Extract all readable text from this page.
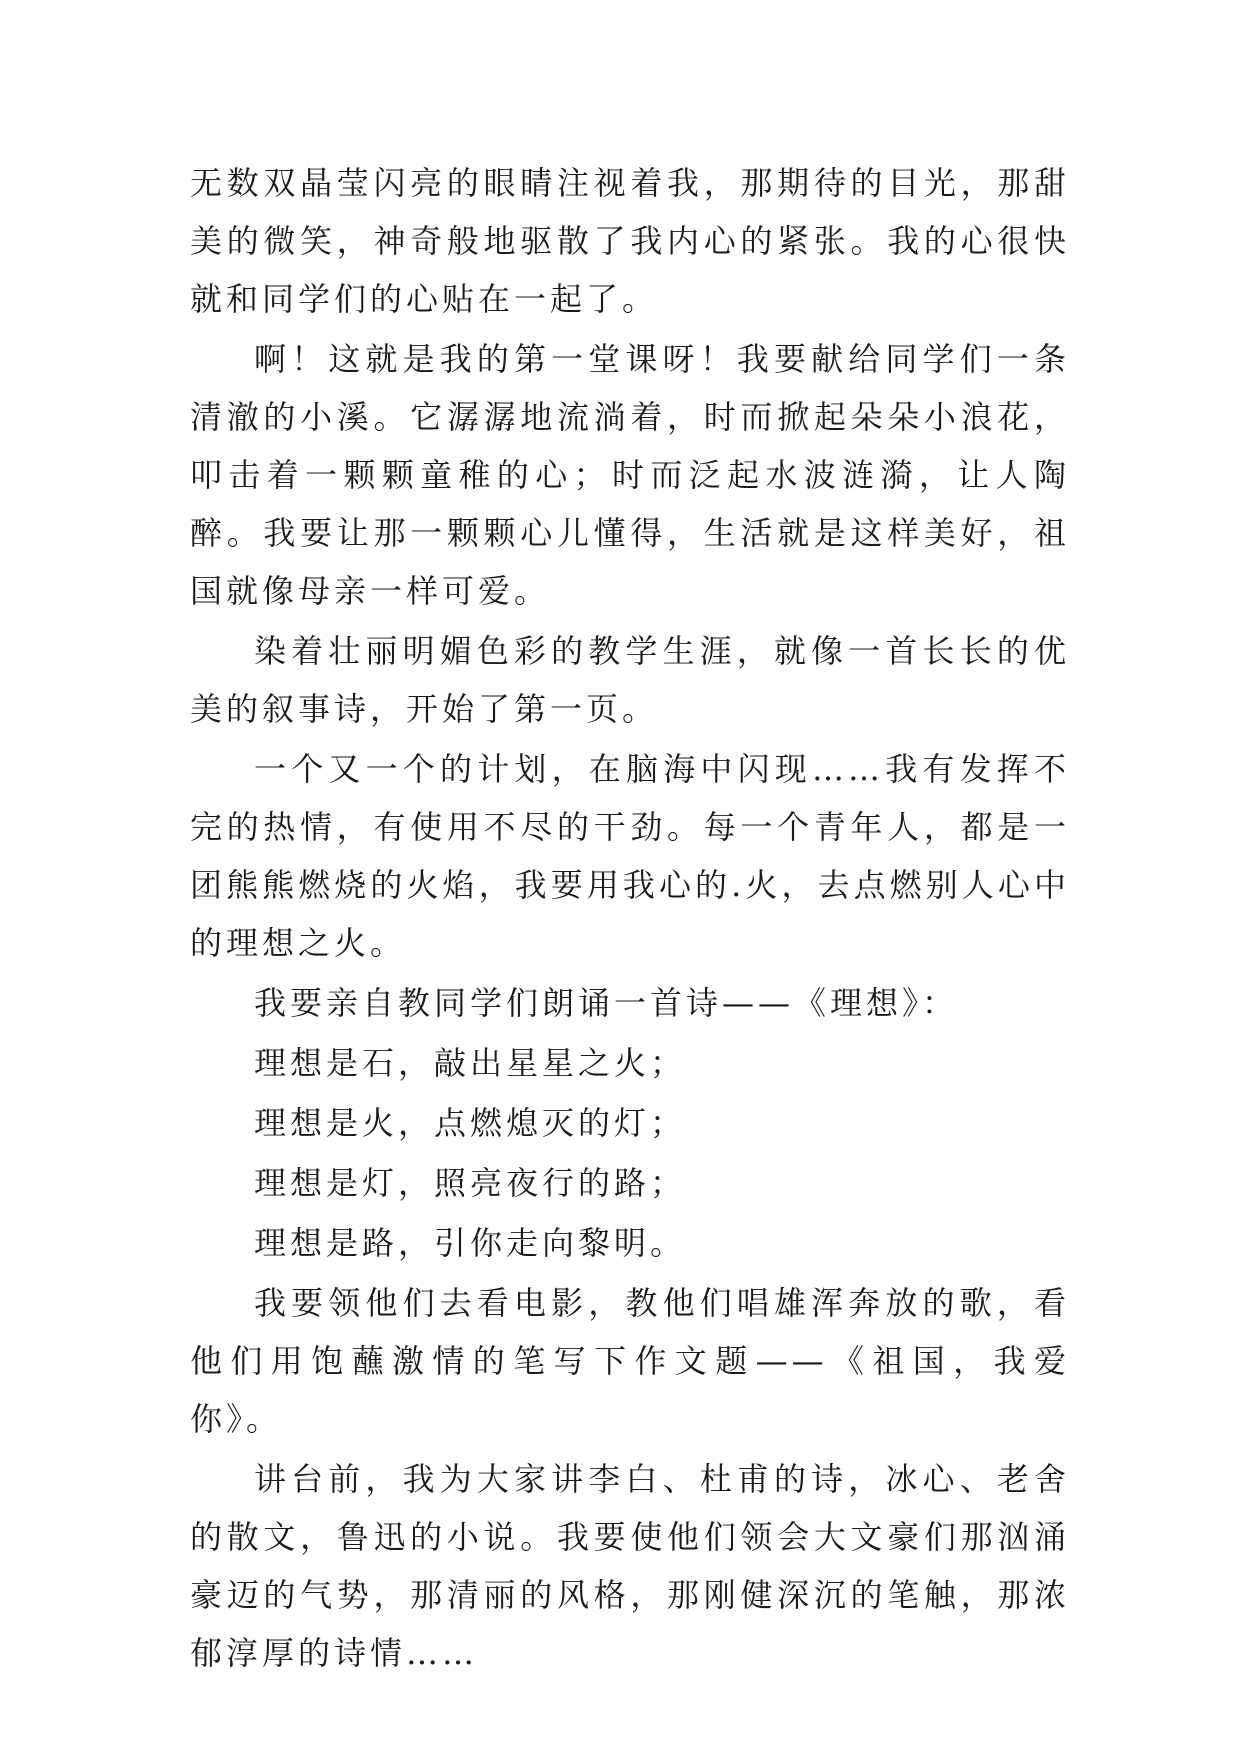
无数双晶莹闪亮的眼睛注视着我，那期待的目光，那甜美的微笑，神奇般地驱散了我内心的紧张。我的心很快就和同学们的心贴在一起了。

啊！这就是我的第一堂课呀！我要献给同学们一条清澈的小溪。它潺潺地流淌着，时而掀起朵朵小浪花，叩击着一颗颗童稚的心；时而泛起水波涟漪，让人陶醉。我要让那一颗颗心儿懂得，生活就是这样美好，祖国就像母亲一样可爱。

染着壮丽明媚色彩的教学生涯，就像一首长长的优美的叙事诗，开始了第一页。

一个又一个的计划，在脑海中闪现……我有发挥不完的热情，有使用不尽的干劲。每一个青年人，都是一团熊熊燃烧的火焰，我要用我心的.火，去点燃别人心中的理想之火。

我要亲自教同学们朗诵一首诗——《理想》：

理想是石，敲出星星之火；

理想是火，点燃熄灭的灯；

理想是灯，照亮夜行的路；

理想是路，引你走向黎明。

我要领他们去看电影，教他们唱雄浑奔放的歌，看他们用饱蘸激情的笔写下作文题——《祖国，我爱你》。

讲台前，我为大家讲李白、杜甫的诗，冰心、老舍的散文，鲁迅的小说。我要使他们领会大文豪们那汹涌豪迈的气势，那清丽的风格，那刚健深沉的笔触，那浓郁淳厚的诗情……
